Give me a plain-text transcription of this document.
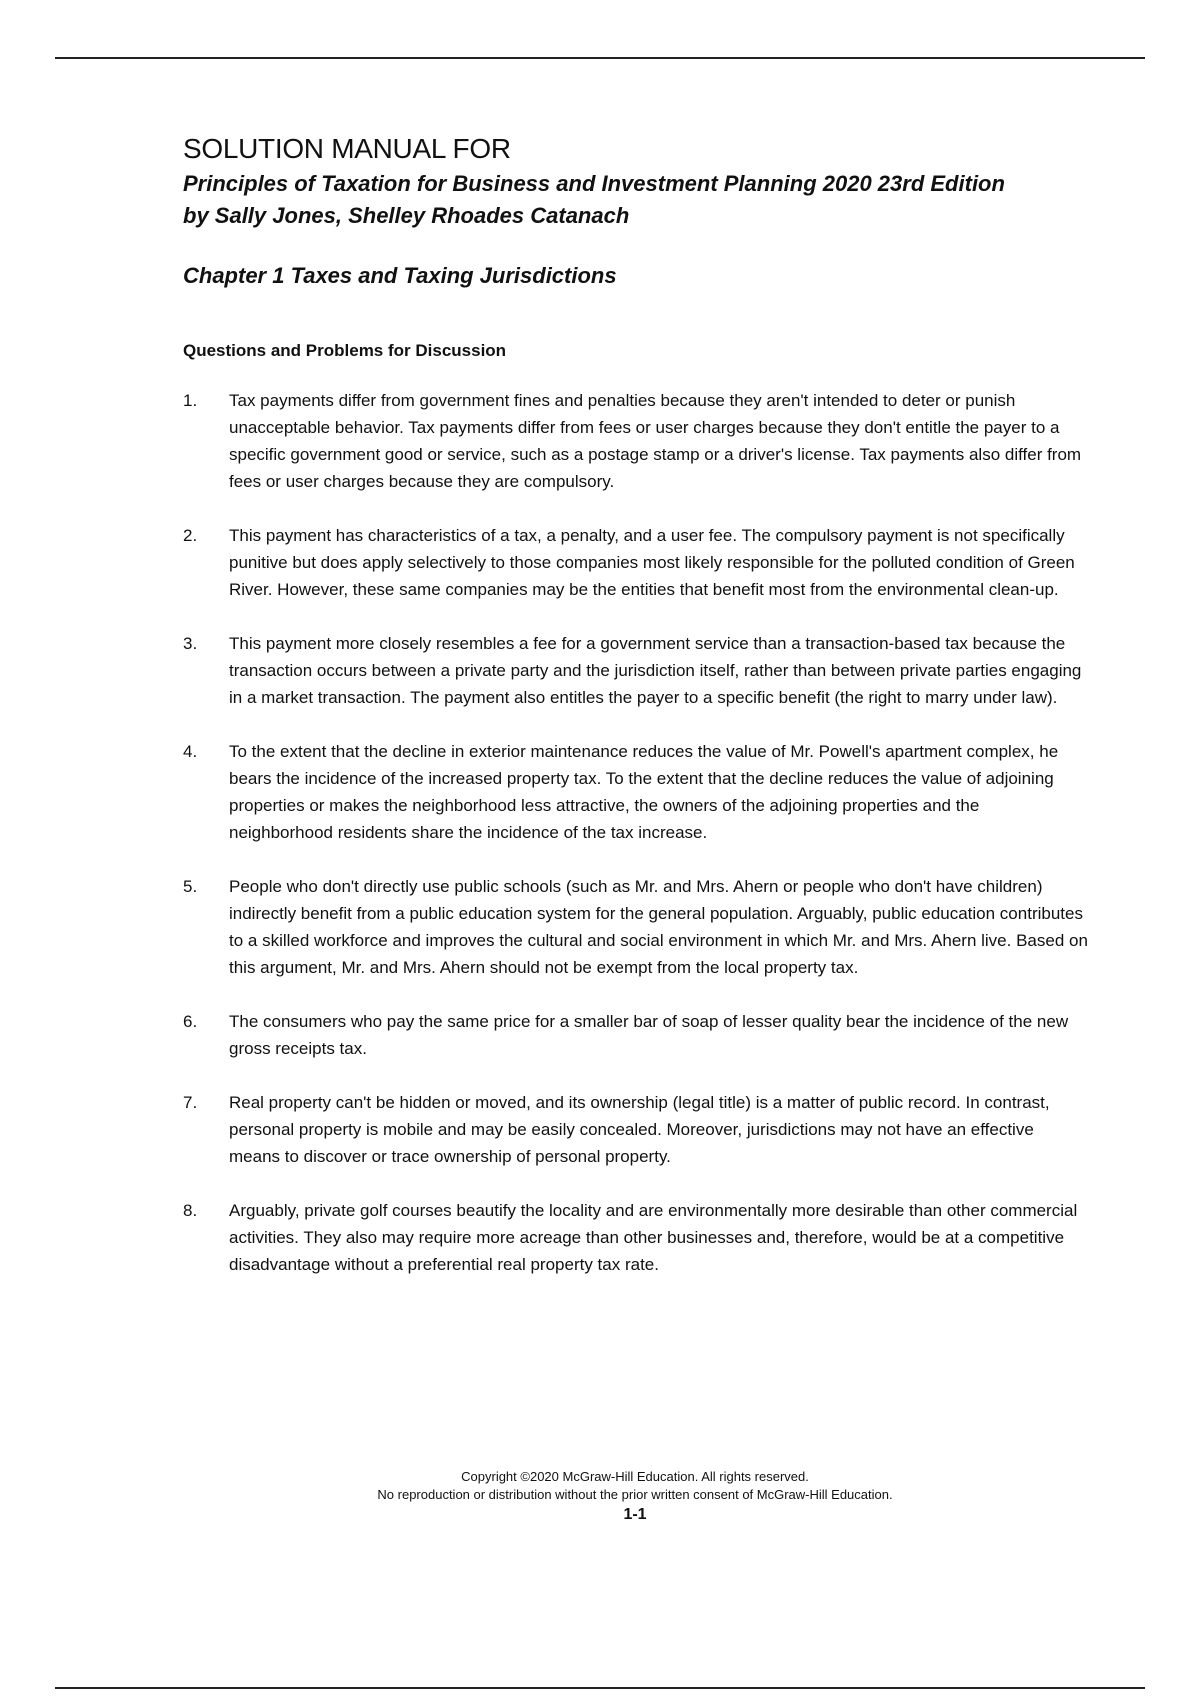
SOLUTION MANUAL FOR
Principles of Taxation for Business and Investment Planning 2020 23rd Edition
by Sally Jones, Shelley Rhoades Catanach
Chapter 1 Taxes and Taxing Jurisdictions
Questions and Problems for Discussion
1.	Tax payments differ from government fines and penalties because they aren't intended to deter or punish unacceptable behavior. Tax payments differ from fees or user charges because they don't entitle the payer to a specific government good or service, such as a postage stamp or a driver's license. Tax payments also differ from fees or user charges because they are compulsory.
2.	This payment has characteristics of a tax, a penalty, and a user fee. The compulsory payment is not specifically punitive but does apply selectively to those companies most likely responsible for the polluted condition of Green River. However, these same companies may be the entities that benefit most from the environmental clean-up.
3.	This payment more closely resembles a fee for a government service than a transaction-based tax because the transaction occurs between a private party and the jurisdiction itself, rather than between private parties engaging in a market transaction. The payment also entitles the payer to a specific benefit (the right to marry under law).
4.	To the extent that the decline in exterior maintenance reduces the value of Mr. Powell's apartment complex, he bears the incidence of the increased property tax. To the extent that the decline reduces the value of adjoining properties or makes the neighborhood less attractive, the owners of the adjoining properties and the neighborhood residents share the incidence of the tax increase.
5.	People who don't directly use public schools (such as Mr. and Mrs. Ahern or people who don't have children) indirectly benefit from a public education system for the general population. Arguably, public education contributes to a skilled workforce and improves the cultural and social environment in which Mr. and Mrs. Ahern live. Based on this argument, Mr. and Mrs. Ahern should not be exempt from the local property tax.
6.	The consumers who pay the same price for a smaller bar of soap of lesser quality bear the incidence of the new gross receipts tax.
7.	Real property can't be hidden or moved, and its ownership (legal title) is a matter of public record. In contrast, personal property is mobile and may be easily concealed. Moreover, jurisdictions may not have an effective means to discover or trace ownership of personal property.
8.	Arguably, private golf courses beautify the locality and are environmentally more desirable than other commercial activities. They also may require more acreage than other businesses and, therefore, would be at a competitive disadvantage without a preferential real property tax rate.
Copyright ©2020 McGraw-Hill Education. All rights reserved.
No reproduction or distribution without the prior written consent of McGraw-Hill Education.
1-1
